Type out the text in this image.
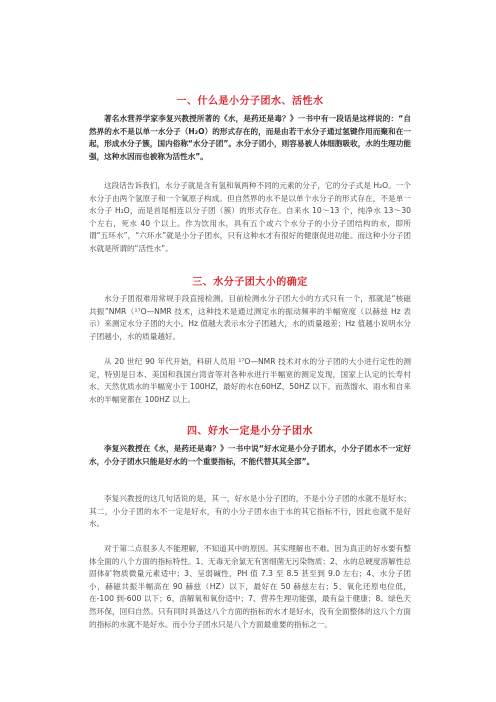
一、什么是小分子团水、活性水

著名水营养学家李复兴教授所著的《水，是药还是毒？》一书中有一段话是这样说的：“自然界的水不是以单一水分子（H₂O）的形式存在的，而是由若干水分子通过氢键作用而聚和在一起，形成水分子簇，国内俗称“水分子团”。水分子团小，则容易被人体细胞吸收，水的生理功能强，这种水因而也被称为活性水”。

这段话告诉我们，水分子就是含有氢和氧两种不同的元素的分子，它的分子式是 H₂O。一个水分子由两个氢原子和一个氧原子构成。但自然界的水不是以单个水分子的形式存在，不是单一水分子 H₂O，而是首尾相连以分子团（簇）的形式存在。自来水 10～13 个，纯净水 13～30 个左右，死水 40 个以上。作为饮用水，具有五个或六个水分子的小分子团结构的水，即所谓“五环水”，“六环水”就是小分子团水，只有这种水才有很好的健康促进功能。而这种小分子团水就是所谓的“活性水”。

三、水分子团大小的确定

水分子团很难用常规手段直接检测。目前检测水分子团大小的方式只有一个，那就是“核磁共振”NMR（¹⁷O—NMR 技术，这种技术是通过测定水的振动频率的半幅宽度（以赫兹 Hz 表示）来测定水分子团的大小。Hz 值越大表示水分子团越大，水的质量越差；Hz 值越小说明水分子团越小，水的质量越好。

从 20 世纪 90 年代开始，科研人员用 ¹⁷O—NMR 技术对水的分子团的大小进行定性的测定，特别是日本、美国和我国台湾省等对各种水进行半幅宽的测定发现，国家上认定的长寿村水、天然优质水的半幅宽小于 100HZ，最好的水在60HZ、50HZ 以下。而蒸馏水、雨水和自来水的半幅宽都在 100HZ 以上。

四、好水一定是小分子团水

李复兴教授在《水，是药还是毒？》一书中说“好水定是小分子团水，小分子团水不一定好水，小分子团水只能是好水的一个重要指标，不能代替其其全部”。

李复兴教授的这几句话说的是，其一，好水是小分子团的，不是小分子团的水就不是好水；其二，小分子团的水不一定是好水，有的小分子团水由于水的其它指标不行，因此也就不是好水。

对于第二点很多人不能理解，不知道其中的原因。其实理解也不难。因为真正的好水要有整体全面的八个方面的指标特性。1、无毒无余氯无有害细菌无污染物质；2、水的总硬度溶解性总固体矿物质微量元素适中；3、呈弱碱性，PH 值 7.3 至 8.5 甚至到 9.0 左右；4、水分子团小，赫磁共振半幅高在 90 赫兹（HZ）以下，最好在 50 赫兹左右；5、氧化还原电位低，在-100 到-600 以下；6、溶解氧和氧份适中；7、营养生理功能强，最有益于健康；8、绿色天然环保，回归自然。只有同时具备这八个方面的指标的水才是好水，没有全面整体的这八个方面的指标的水就不是好水。而小分子团水只是八个方面最重要的指标之一。
